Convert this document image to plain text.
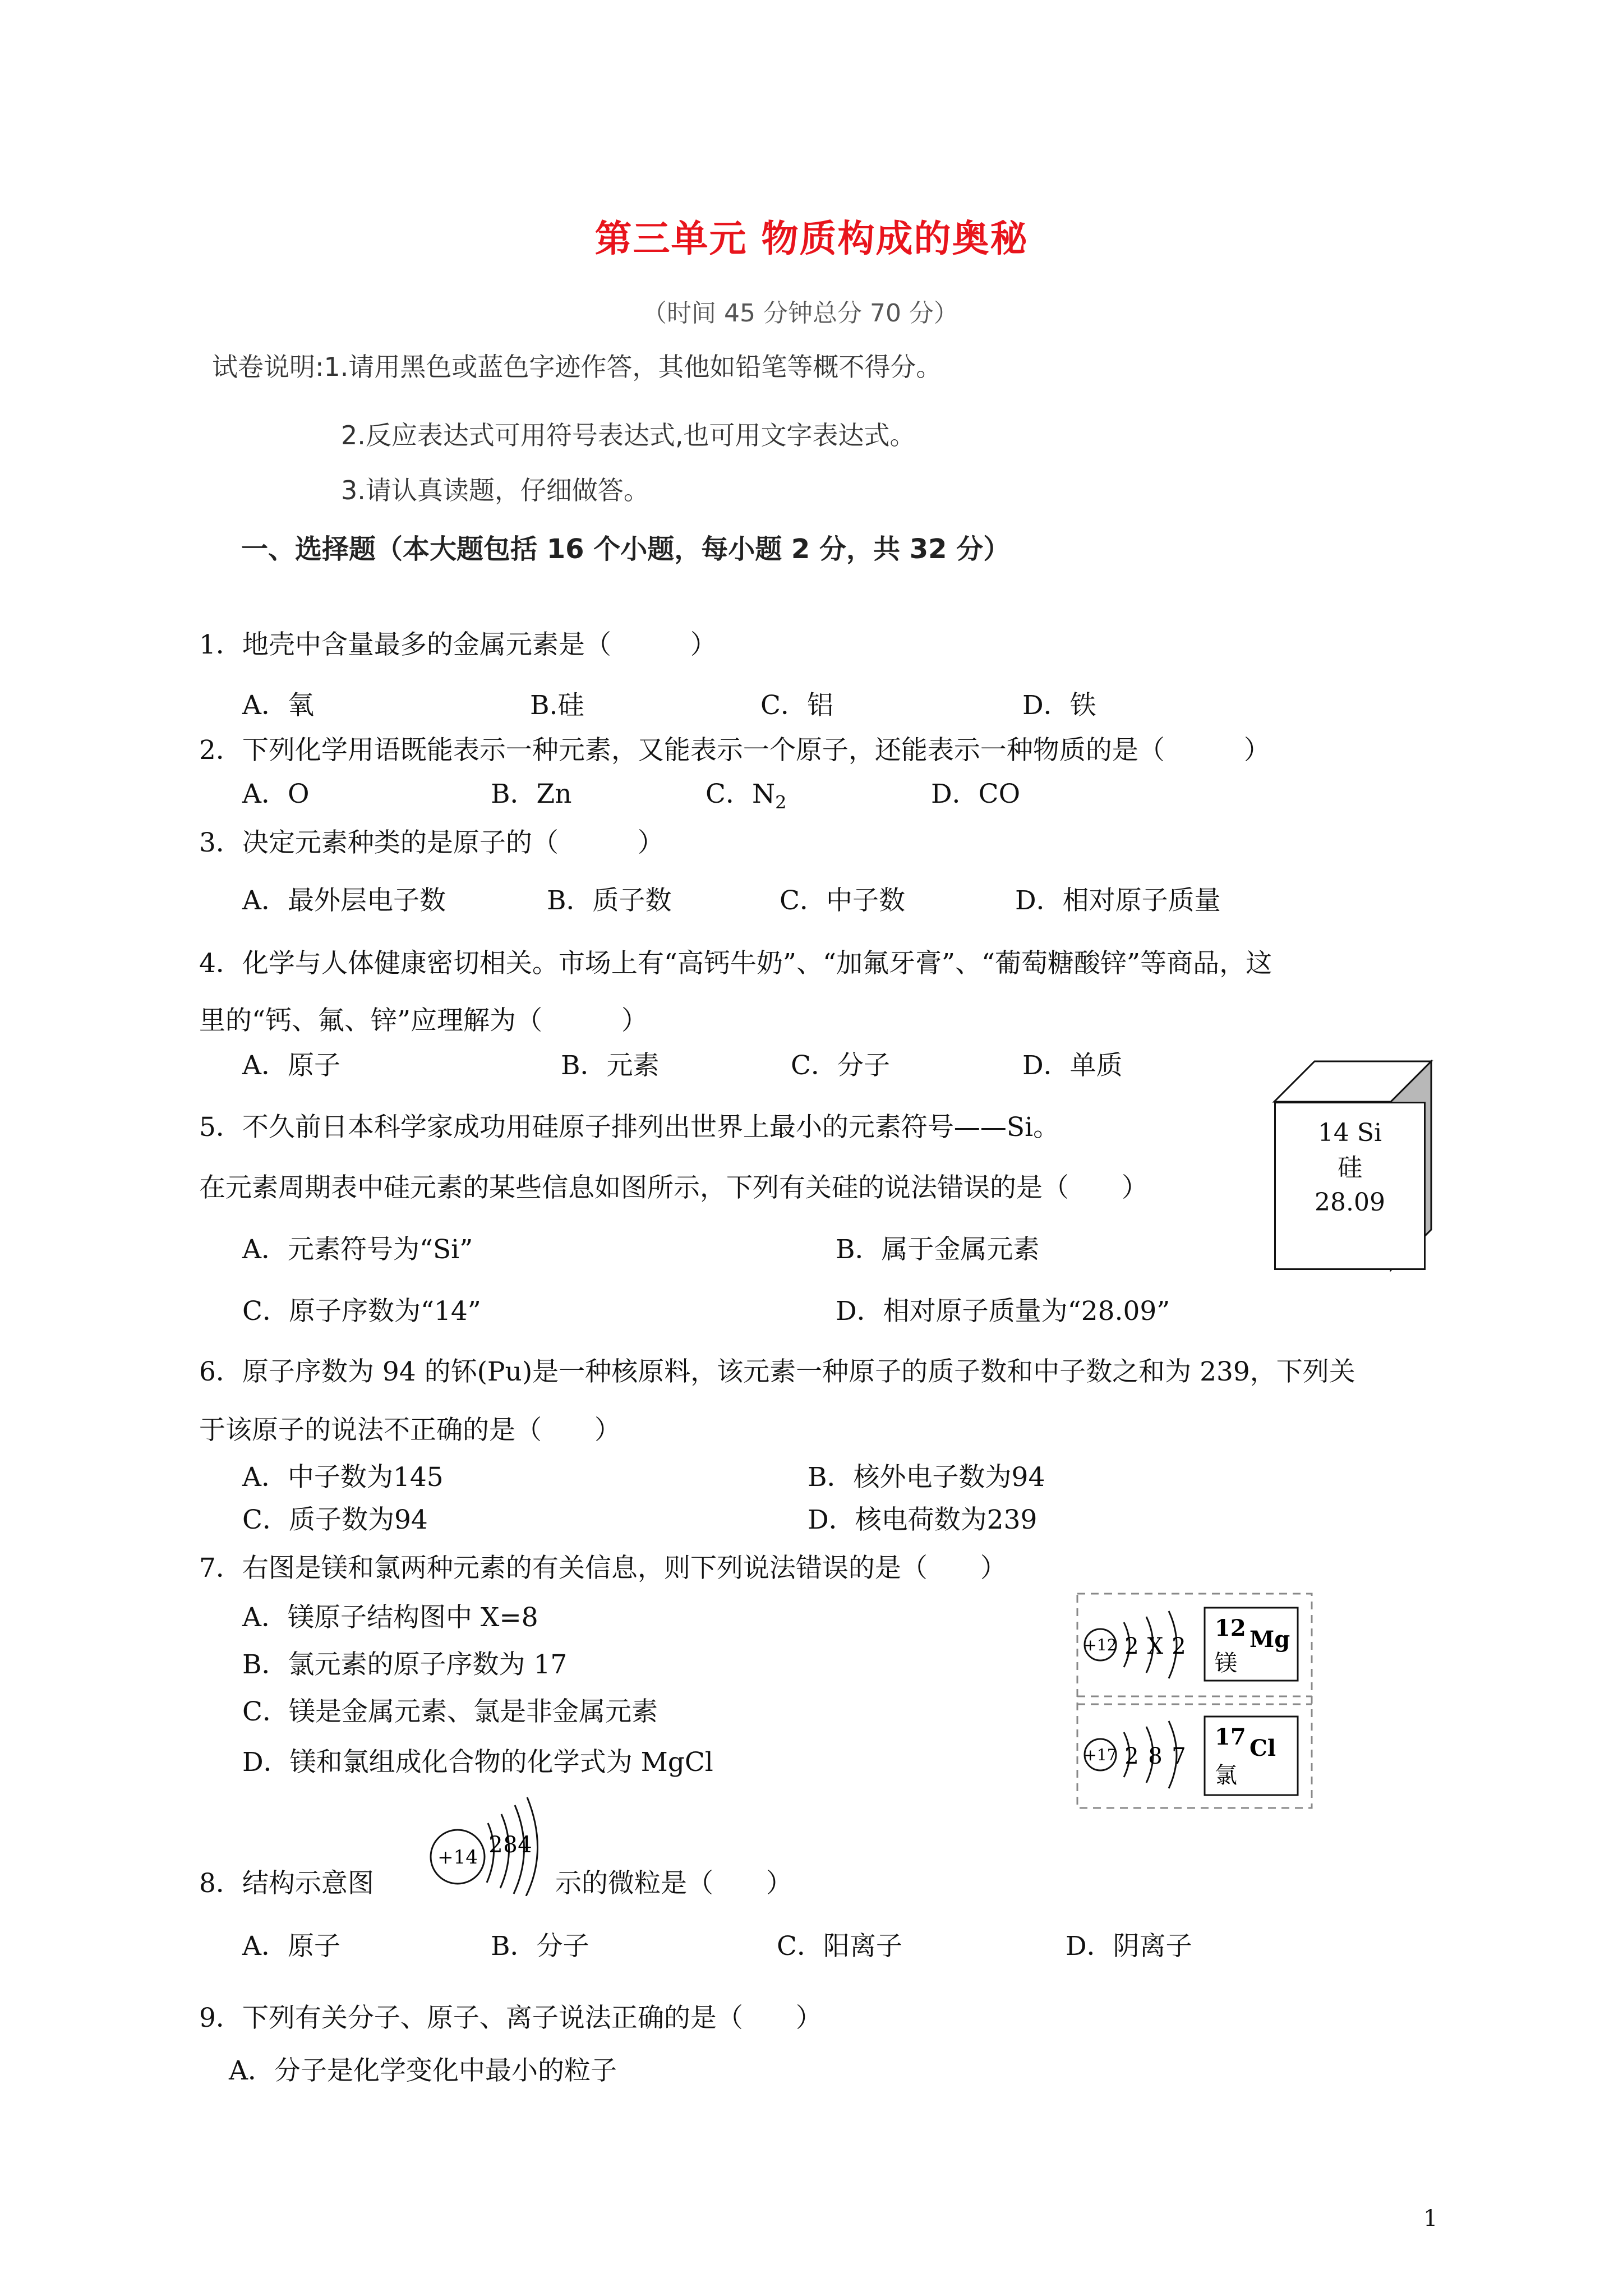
第三单元 物质构成的奥秘
（时间 45 分钟总分 70 分）
试卷说明:1.请用黑色或蓝色字迹作答，其他如铅笔等概不得分。
2.反应表达式可用符号表达式,也可用文字表达式。
3.请认真读题，仔细做答。
一、选择题（本大题包括 16 个小题，每小题 2 分，共 32 分）
1．地壳中含量最多的金属元素是（　　　）
A．氧	B.硅	C．铝	D．铁
2．下列化学用语既能表示一种元素，又能表示一个原子，还能表示一种物质的是（　　　）
A．O	B．Zn	C．$N_2$	D．CO
3．决定元素种类的是原子的（　　　）
A．最外层电子数	B．质子数	C．中子数	D．相对原子质量
4．化学与人体健康密切相关。市场上有“高钙牛奶”、“加氟牙膏”、“葡萄糖酸锌”等商品，这
里的“钙、氟、锌”应理解为（　　　）
A．原子	B．元素	C．分子	D．单质
5．不久前日本科学家成功用硅原子排列出世界上最小的元素符号——Si。
在元素周期表中硅元素的某些信息如图所示，下列有关硅的说法错误的是（　　）
A．元素符号为“Si”	B．属于金属元素
C．原子序数为“14”	D．相对原子质量为“28.09”
14 Si
硅
28.09
6．原子序数为 94 的钚(Pu)是一种核原料，该元素一种原子的质子数和中子数之和为 239，下列关
于该原子的说法不正确的是（　　）
A．中子数为145	B．核外电子数为94
C．质子数为94	D．核电荷数为239
7．右图是镁和氯两种元素的有关信息，则下列说法错误的是（　　）
A．镁原子结构图中 X=8
B．氯元素的原子序数为 17
C．镁是金属元素、氯是非金属元素
D．镁和氯组成化合物的化学式为 MgCl
+12 2 X 2
12 Mg
镁
+17 2 8 7
17 Cl
氯
8．结构示意图
+14 2 8 4
示的微粒是（　　）
A．原子	B．分子	C．阳离子	D．阴离子
9．下列有关分子、原子、离子说法正确的是（　　）
A．分子是化学变化中最小的粒子
1
